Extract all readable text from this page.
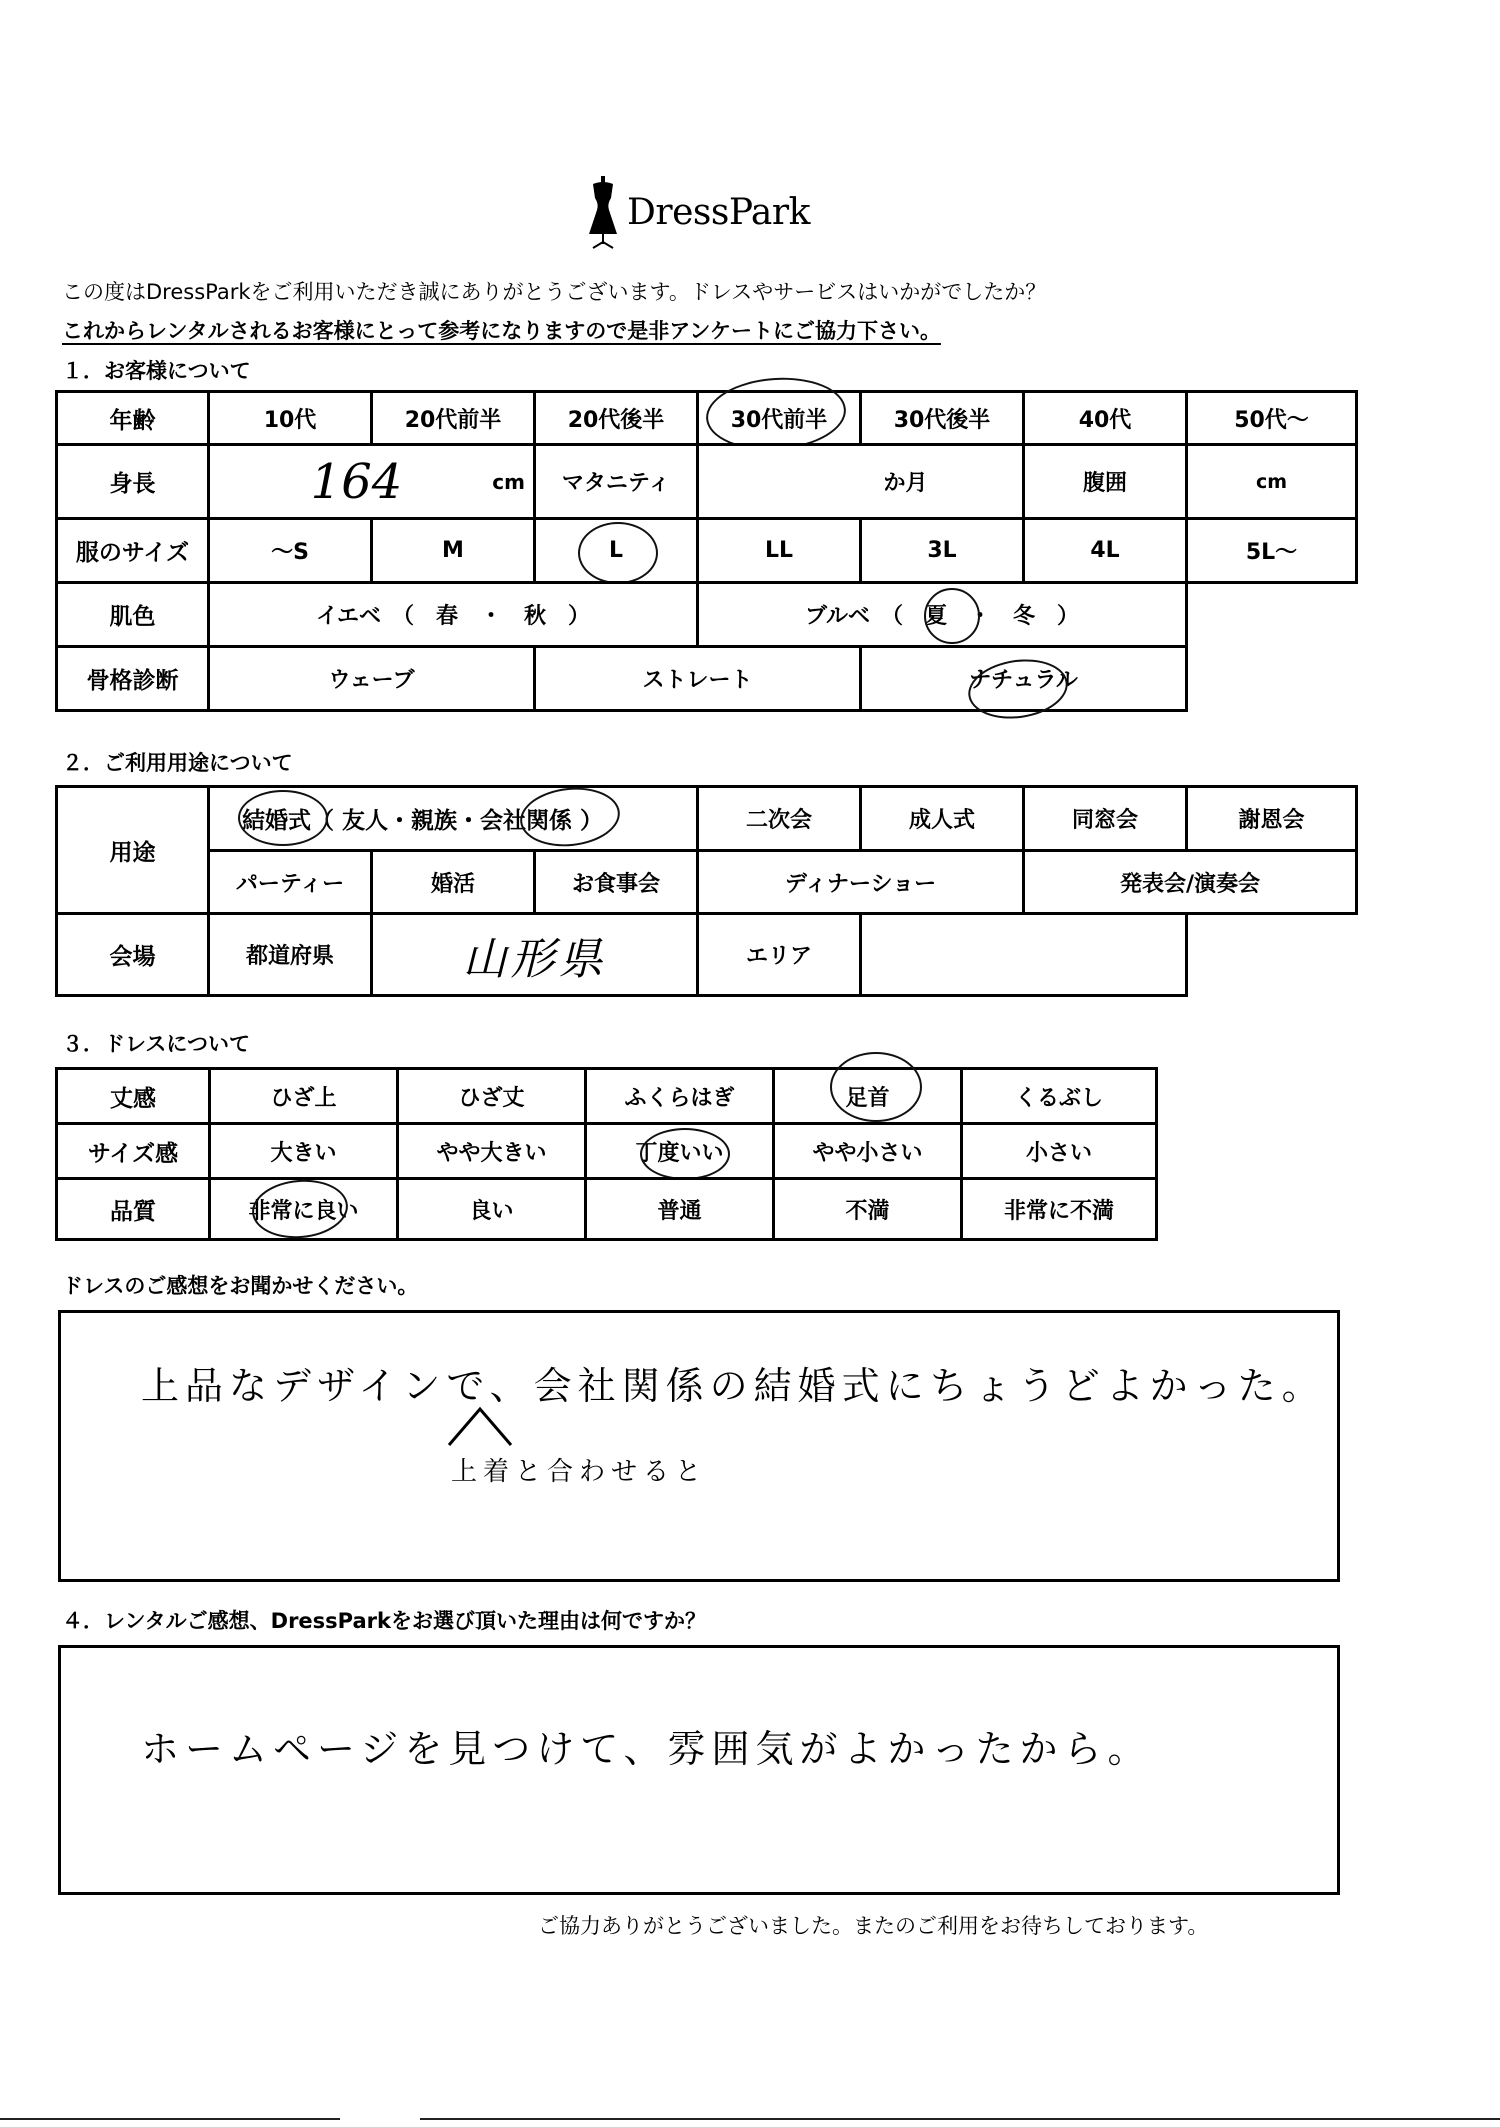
DressPark
この度はDressParkをご利用いただき誠にありがとうございます。ドレスやサービスはいかがでしたか？
これからレンタルされるお客様にとって参考になりますので是非アンケートにご協力下さい。
１．お客様について
年齢	10代	20代前半	20代後半	30代前半	30代後半	40代	50代～
身長	164	cm	マタニティ	か月	腹囲	cm
服のサイズ	～S	M	L	LL	3L	4L	5L～
肌色	イエベ　（　春　・　秋　）	ブルベ　（　夏　・　冬　）
骨格診断	ウェーブ	ストレート	ナチュラル
２．ご利用用途について
用途
結婚式（ 友人・親族・会社関係 ）	二次会	成人式	同窓会	謝恩会
パーティー	婚活	お食事会	ディナーショー	発表会/演奏会
会場	都道府県	山形県	エリア
３．ドレスについて
丈感	ひざ上	ひざ丈	ふくらはぎ	足首	くるぶし
サイズ感	大きい	やや大きい	丁度いい	やや小さい	小さい
品質	非常に良い	良い	普通	不満	非常に不満
ドレスのご感想をお聞かせください。
上品なデザインで、会社関係の結婚式にちょうどよかった。
上着と合わせると
４．レンタルご感想、DressParkをお選び頂いた理由は何ですか？
ホームページを見つけて、雰囲気がよかったから。
ご協力ありがとうございました。またのご利用をお待ちしております。
